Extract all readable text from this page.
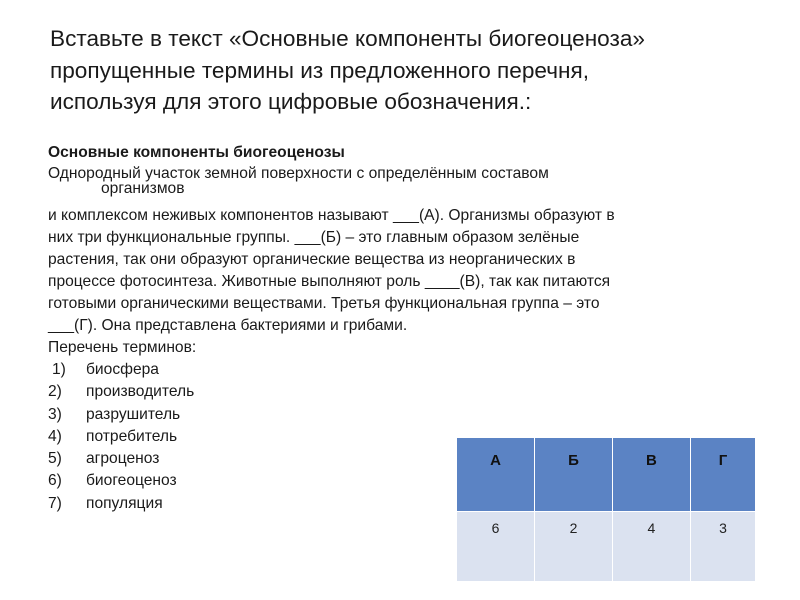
Вставьте в текст «Основные компоненты биогеоценоза»
пропущенные термины из предложенного перечня,
используя для этого цифровые обозначения.:
Основные компоненты биогеоценозы
Однородный участок земной поверхности с определённым составом
организмов
и комплексом неживых компонентов называют ___(А). Организмы образуют в
них три функциональные группы. ___(Б) – это главным образом зелёные
растения, так они образуют органические вещества из неорганических в
процессе фотосинтеза. Животные выполняют роль ____(В), так как питаются
готовыми органическими веществами. Третья функциональная группа – это
___(Г). Она представлена бактериями и грибами.
Перечень терминов:
1)	биосфера
2)	производитель
3)	разрушитель
4)	потребитель
5)	агроценоз
6)	биогеоценоз
7)	популяция
А	Б	В	Г
6	2	4	3
